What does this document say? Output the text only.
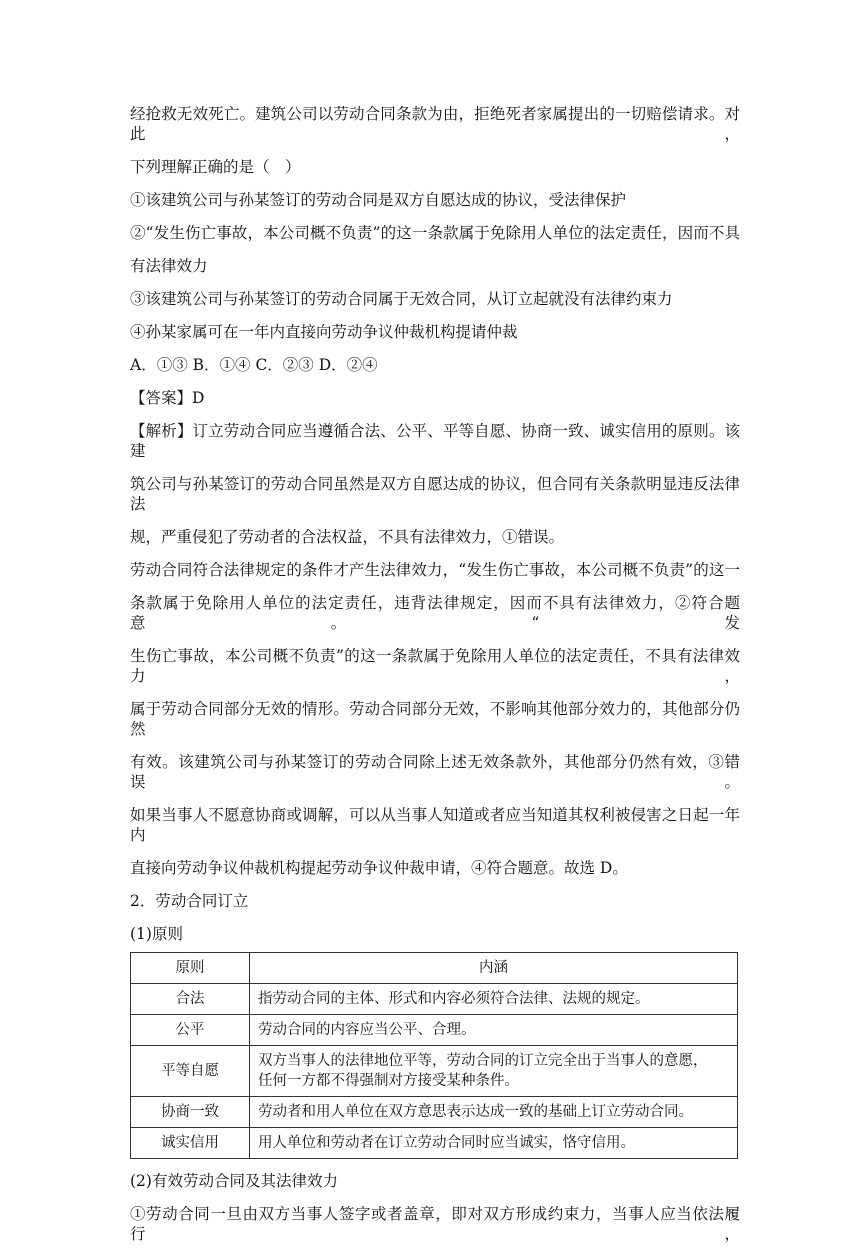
经抢救无效死亡。建筑公司以劳动合同条款为由，拒绝死者家属提出的一切赔偿请求。对此，

下列理解正确的是（　）

①该建筑公司与孙某签订的劳动合同是双方自愿达成的协议，受法律保护

②“发生伤亡事故，本公司概不负责”的这一条款属于免除用人单位的法定责任，因而不具

有法律效力

③该建筑公司与孙某签订的劳动合同属于无效合同，从订立起就没有法律约束力

④孙某家属可在一年内直接向劳动争议仲裁机构提请仲裁

A．①③ B．①④ C．②③ D．②④

【答案】D

【解析】订立劳动合同应当遵循合法、公平、平等自愿、协商一致、诚实信用的原则。该建

筑公司与孙某签订的劳动合同虽然是双方自愿达成的协议，但合同有关条款明显违反法律法

规，严重侵犯了劳动者的合法权益，不具有法律效力，①错误。

劳动合同符合法律规定的条件才产生法律效力，“发生伤亡事故，本公司概不负责”的这一

条款属于免除用人单位的法定责任，违背法律规定，因而不具有法律效力，②符合题意。“发

生伤亡事故，本公司概不负责”的这一条款属于免除用人单位的法定责任，不具有法律效力，

属于劳动合同部分无效的情形。劳动合同部分无效，不影响其他部分效力的，其他部分仍然

有效。该建筑公司与孙某签订的劳动合同除上述无效条款外，其他部分仍然有效，③错误。

如果当事人不愿意协商或调解，可以从当事人知道或者应当知道其权利被侵害之日起一年内

直接向劳动争议仲裁机构提起劳动争议仲裁申请，④符合题意。故选 D。

2．劳动合同订立

(1)原则

原则	内涵
合法	指劳动合同的主体、形式和内容必须符合法律、法规的规定。
公平	劳动合同的内容应当公平、合理。
平等自愿	双方当事人的法律地位平等，劳动合同的订立完全出于当事人的意愿，
任何一方都不得强制对方接受某种条件。

协商一致	劳动者和用人单位在双方意思表示达成一致的基础上订立劳动合同。
诚实信用	用人单位和劳动者在订立劳动合同时应当诚实，恪守信用。

(2)有效劳动合同及其法律效力

①劳动合同一旦由双方当事人签字或者盖章，即对双方形成约束力，当事人应当依法履行，
